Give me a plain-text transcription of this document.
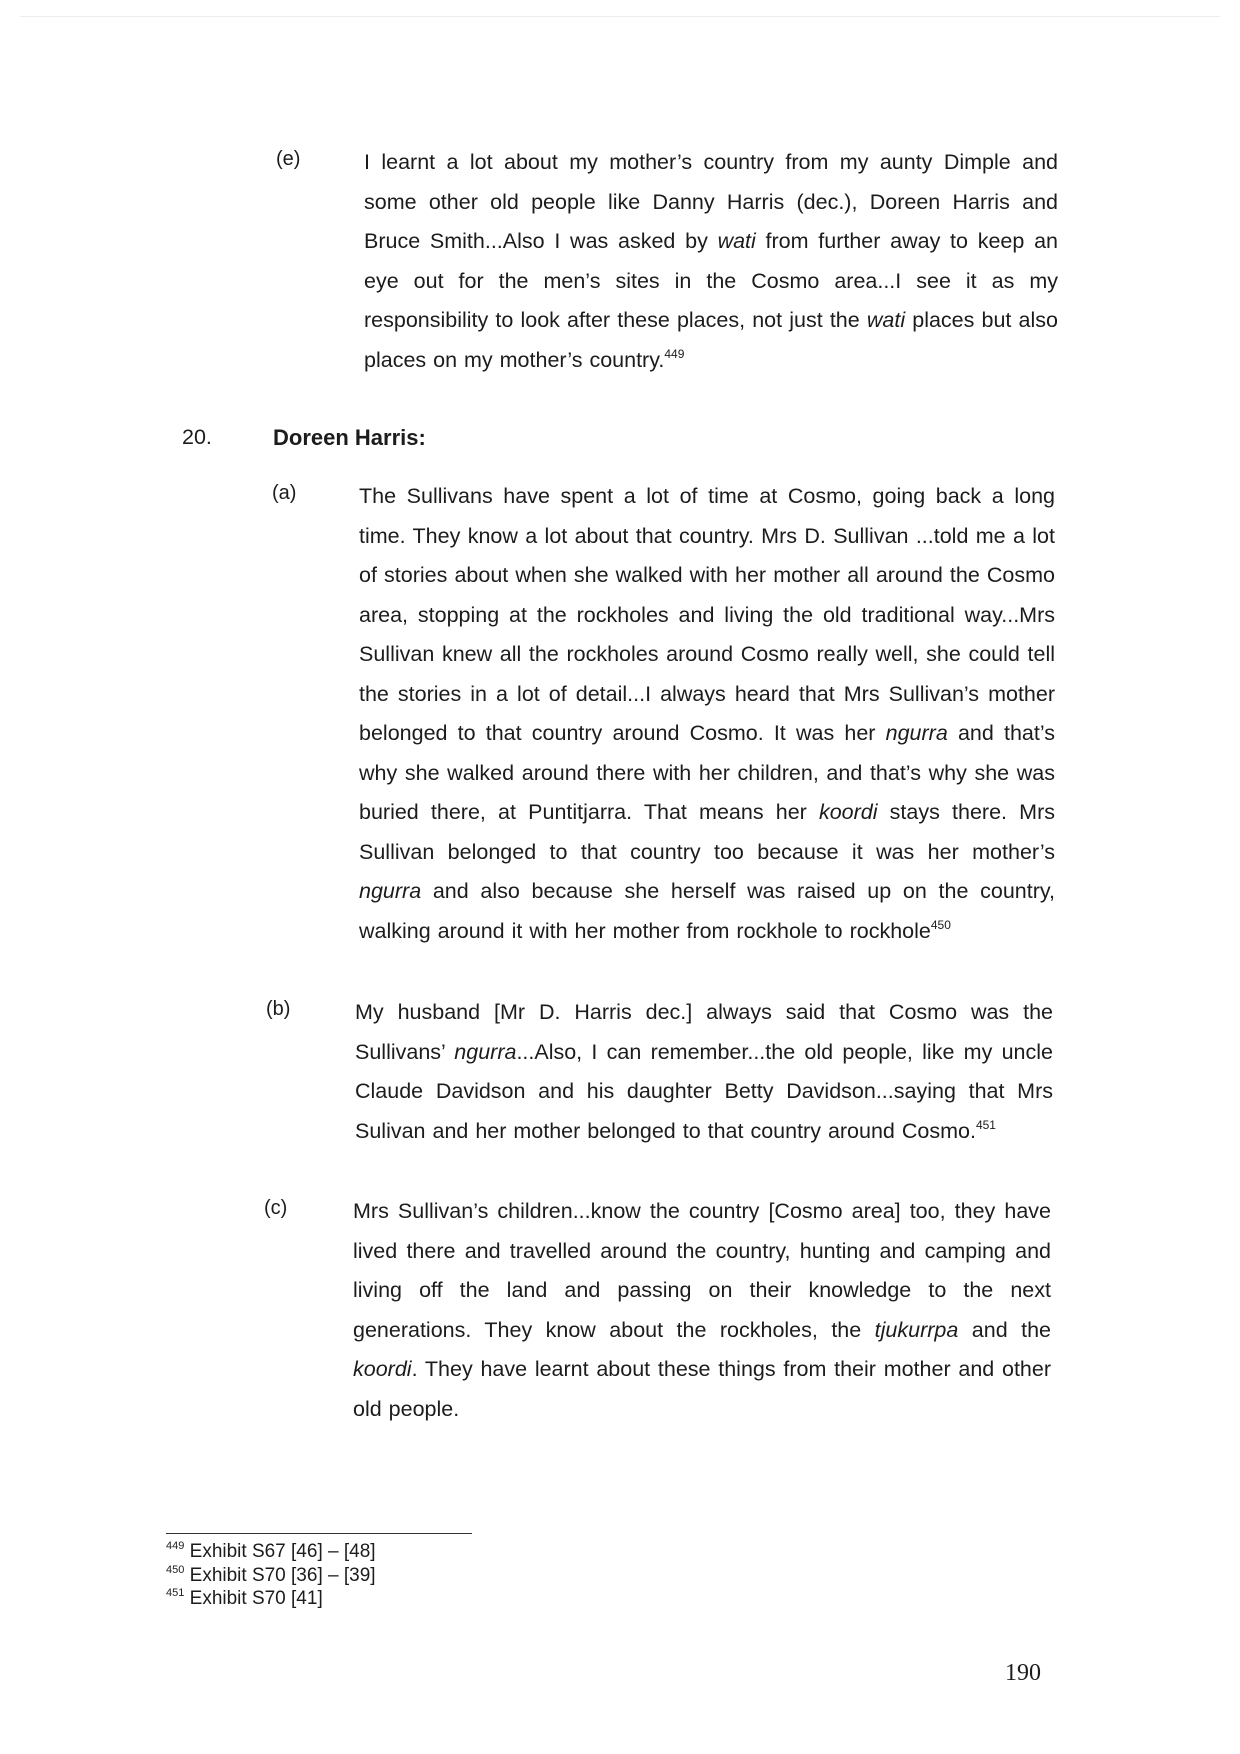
(e)	I learnt a lot about my mother’s country from my aunty Dimple and some other old people like Danny Harris (dec.), Doreen Harris and Bruce Smith...Also I was asked by wati from further away to keep an eye out for the men’s sites in the Cosmo area...I see it as my responsibility to look after these places, not just the wati places but also places on my mother’s country.$^{449}$
20.	Doreen Harris:
(a)	The Sullivans have spent a lot of time at Cosmo, going back a long time. They know a lot about that country. Mrs D. Sullivan ...told me a lot of stories about when she walked with her mother all around the Cosmo area, stopping at the rockholes and living the old traditional way...Mrs Sullivan knew all the rockholes around Cosmo really well, she could tell the stories in a lot of detail...I always heard that Mrs Sullivan’s mother belonged to that country around Cosmo. It was her ngurra and that’s why she walked around there with her children, and that’s why she was buried there, at Puntitjarra. That means her koordi stays there. Mrs Sullivan belonged to that country too because it was her mother’s ngurra and also because she herself was raised up on the country, walking around it with her mother from rockhole to rockhole$^{450}$
(b)	My husband [Mr D. Harris dec.] always said that Cosmo was the Sullivans’ ngurra...Also, I can remember...the old people, like my uncle Claude Davidson and his daughter Betty Davidson...saying that Mrs Sulivan and her mother belonged to that country around Cosmo.$^{451}$
(c)	Mrs Sullivan’s children...know the country [Cosmo area] too, they have lived there and travelled around the country, hunting and camping and living off the land and passing on their knowledge to the next generations. They know about the rockholes, the tjukurrpa and the koordi. They have learnt about these things from their mother and other old people.
$^{449}$ Exhibit S67 [46] – [48]
$^{450}$ Exhibit S70 [36] – [39]
$^{451}$ Exhibit S70 [41]
190
